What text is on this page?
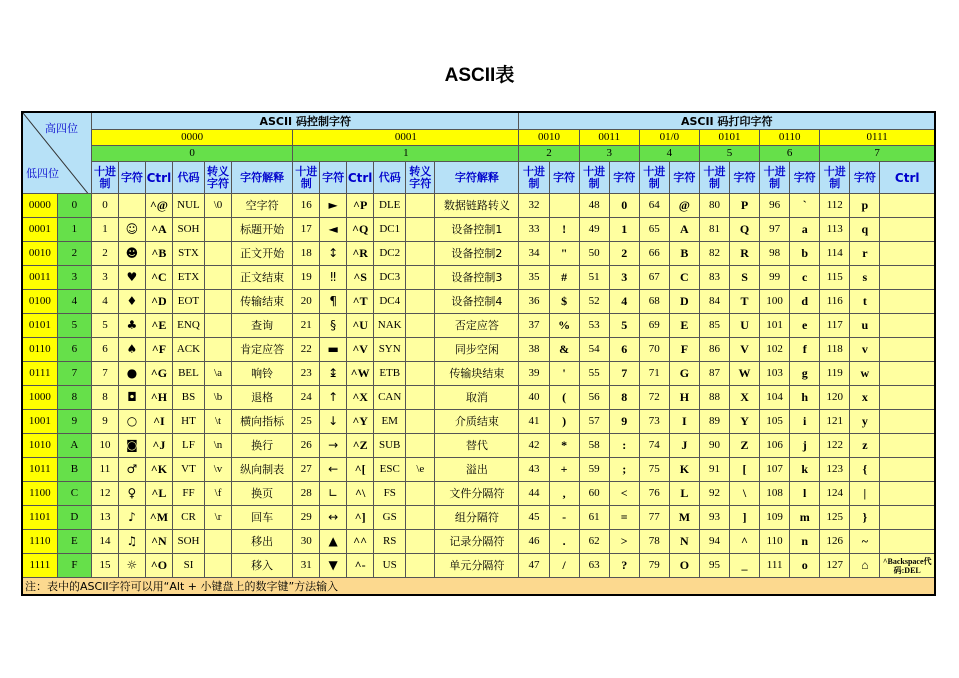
ASCII表
高四位
低四位		ASCII 码控制字符												ASCII 码打印字符												
		0000						0001						0010		0011		01/0		0101		0110		0111		
		0						1						2		3		4		5		6		7		
		十进制	字符	Ctrl	代码	转义字符	字符解释	十进制	字符	Ctrl	代码	转义字符	字符解释	十进制	字符	十进制	字符	十进制	字符	十进制	字符	十进制	字符	十进制	字符	Ctrl
0000	0	0		^@	NUL	\0	空字符	16	►	^P	DLE		数据链路转义	32		48	0	64	@	80	P	96	`	112	p	
0001	1	1	☺	^A	SOH		标题开始	17	◄	^Q	DC1		设备控制1	33	!	49	1	65	A	81	Q	97	a	113	q	
0010	2	2	☻	^B	STX		正文开始	18	↕	^R	DC2		设备控制2	34	"	50	2	66	B	82	R	98	b	114	r	
0011	3	3	♥	^C	ETX		正文结束	19	‼	^S	DC3		设备控制3	35	#	51	3	67	C	83	S	99	c	115	s	
0100	4	4	♦	^D	EOT		传输结束	20	¶	^T	DC4		设备控制4	36	$	52	4	68	D	84	T	100	d	116	t	
0101	5	5	♣	^E	ENQ		查询	21	§	^U	NAK		否定应答	37	%	53	5	69	E	85	U	101	e	117	u	
0110	6	6	♠	^F	ACK		肯定应答	22	▬	^V	SYN		同步空闲	38	&	54	6	70	F	86	V	102	f	118	v	
0111	7	7	●	^G	BEL	\a	响铃	23	↨	^W	ETB		传输块结束	39	'	55	7	71	G	87	W	103	g	119	w	
1000	8	8	◘	^H	BS	\b	退格	24	↑	^X	CAN		取消	40	(	56	8	72	H	88	X	104	h	120	x	
1001	9	9	○	^I	HT	\t	横向指标	25	↓	^Y	EM		介质结束	41	)	57	9	73	I	89	Y	105	i	121	y	
1010	A	10	◙	^J	LF	\n	换行	26	→	^Z	SUB		替代	42	*	58	:	74	J	90	Z	106	j	122	z	
1011	B	11	♂	^K	VT	\v	纵向制表	27	←	^[	ESC	\e	溢出	43	+	59	;	75	K	91	[	107	k	123	{	
1100	C	12	♀	^L	FF	\f	换页	28	∟	^\	FS		文件分隔符	44	,	60	<	76	L	92	\	108	l	124	|	
1101	D	13	♪	^M	CR	\r	回车	29	↔	^]	GS		组分隔符	45	-	61	=	77	M	93	]	109	m	125	}	
1110	E	14	♫	^N	SOH		移出	30	▲	^^	RS		记录分隔符	46	.	62	>	78	N	94	^	110	n	126	~	
1111	F	15	☼	^O	SI		移入	31	▼	^-	US		单元分隔符	47	/	63	?	79	O	95	_	111	o	127	⌂	^Backspace代码:DEL
注：表中的ASCII字符可以用“Alt + 小键盘上的数字键”方法输入																										
